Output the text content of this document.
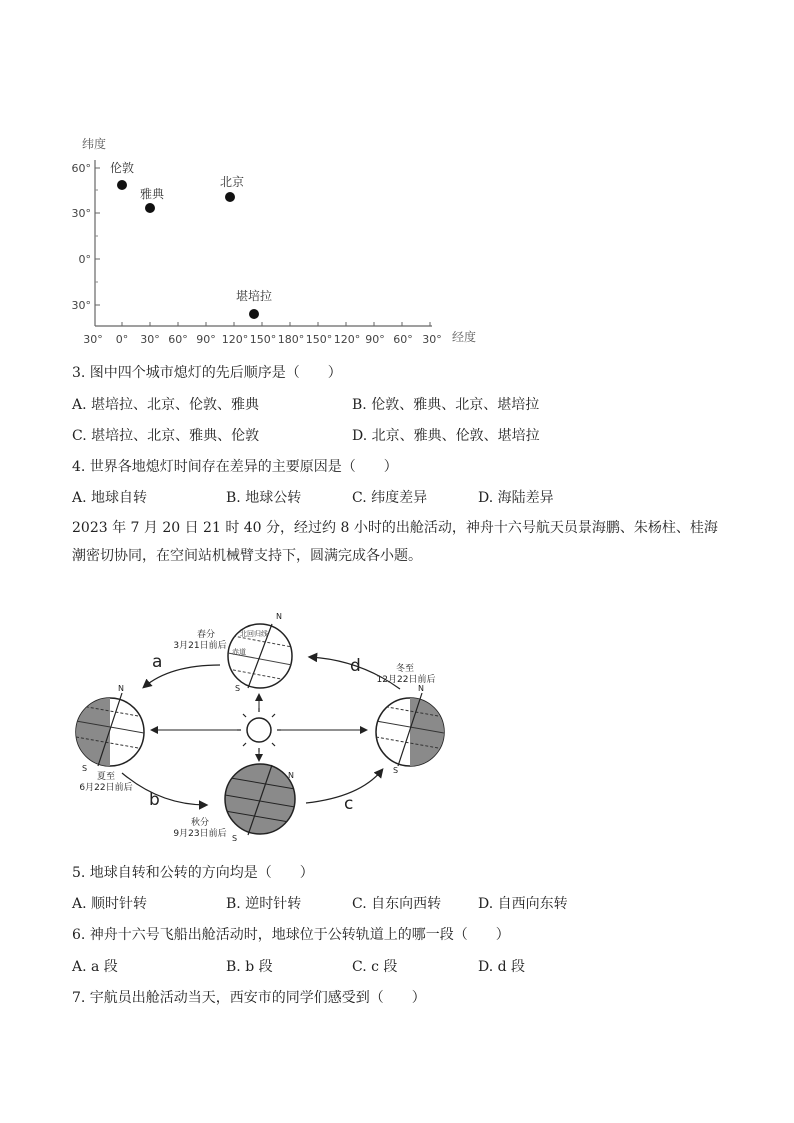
纬度
60°
30°
0°
30°
30° 0° 30° 60° 90° 120° 150° 180° 150° 120° 90° 60° 30° 经度
伦敦
雅典
北京
堪培拉
3. 图中四个城市熄灯的先后顺序是（　　）
A. 堪培拉、北京、伦敦、雅典	B. 伦敦、雅典、北京、堪培拉
C. 堪培拉、北京、雅典、伦敦	D. 北京、雅典、伦敦、堪培拉
4. 世界各地熄灯时间存在差异的主要原因是（　　）
A. 地球自转	B. 地球公转	C. 纬度差异	D. 海陆差异
2023 年 7 月 20 日 21 时 40 分，经过约 8 小时的出舱活动，神舟十六号航天员景海鹏、朱杨柱、桂海潮密切协同，在空间站机械臂支持下，圆满完成各小题。
a
b	c
d
北回归线
赤道
N
S
春分
3月21日前后
N
S
夏至
6月22日前后
N
S
冬至
12月22日前后
N
S
秋分
9月23日前后
5. 地球自转和公转的方向均是（　　）
A. 顺时针转	B. 逆时针转	C. 自东向西转	D. 自西向东转
6. 神舟十六号飞船出舱活动时，地球位于公转轨道上的哪一段（　　）
A. a 段	B. b 段	C. c 段	D. d 段
7. 宇航员出舱活动当天，西安市的同学们感受到（　　）
